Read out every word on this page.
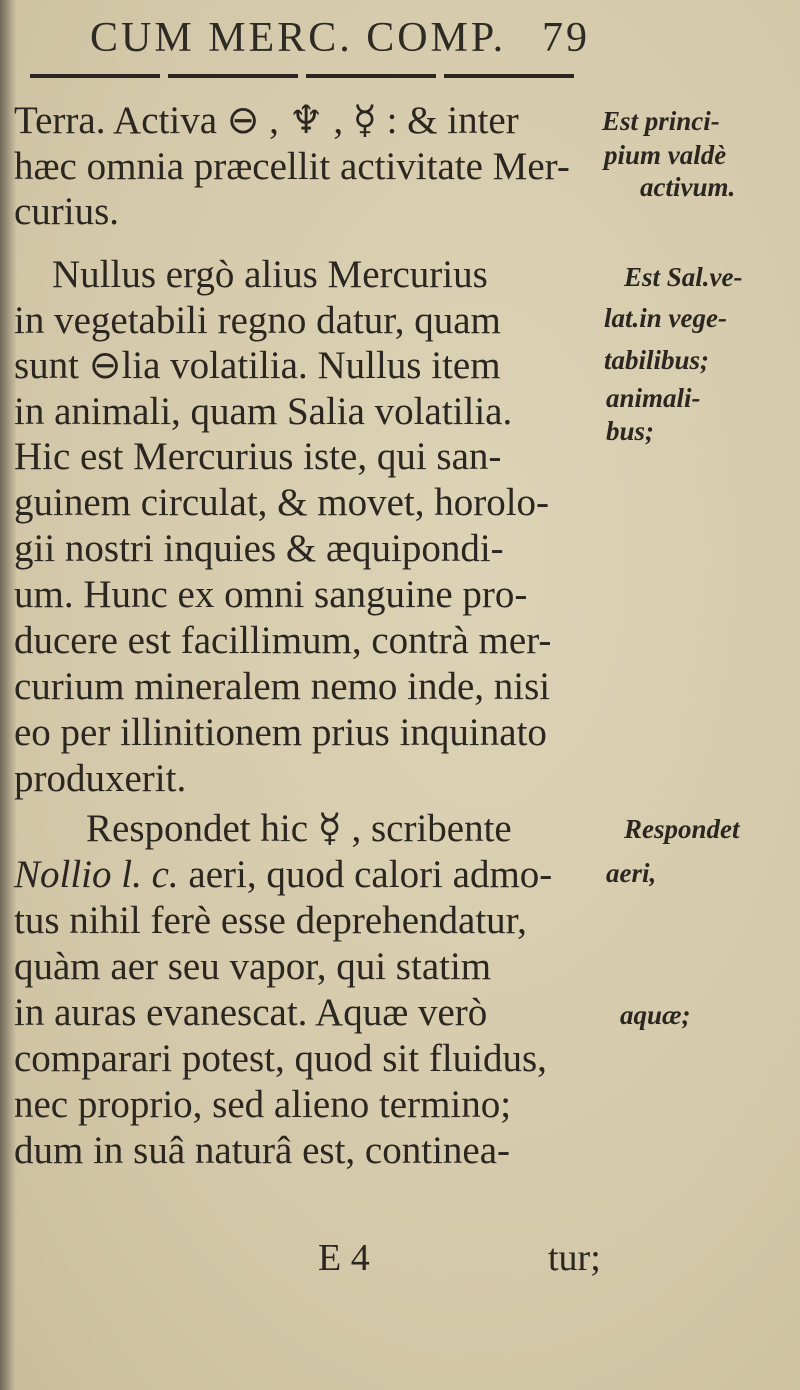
CUM MERC. COMP. 79
Terra. Activa ⊖ , ♆ , ☿ : & inter
hæc omnia præcellit activitate Mer-
curius.
Nullus ergò alius Mercurius
in vegetabili regno datur, quam
sunt ⊖lia volatilia. Nullus item
in animali, quam Salia volatilia.
Hic est Mercurius iste, qui san-
guinem circulat, & movet, horolo-
gii nostri inquies & æquipondi-
um. Hunc ex omni sanguine pro-
ducere est facillimum, contrà mer-
curium mineralem nemo inde, nisi
eo per illinitionem prius inquinato
produxerit.
Respondet hic ☿ , scribente
Nollio l. c. aeri, quod calori admo-
tus nihil ferè esse deprehendatur,
quàm aer seu vapor, qui statim
in auras evanescat. Aquæ verò
comparari potest, quod sit fluidus,
nec proprio, sed alieno termino;
dum in suâ naturâ est, continea-
Est princi-
pium valdè
activum.
Est Sal.ve-
lat.in vege-
tabilibus;
animali-
bus;
Respondet
aeri,
aquæ;
E 4	tur;
